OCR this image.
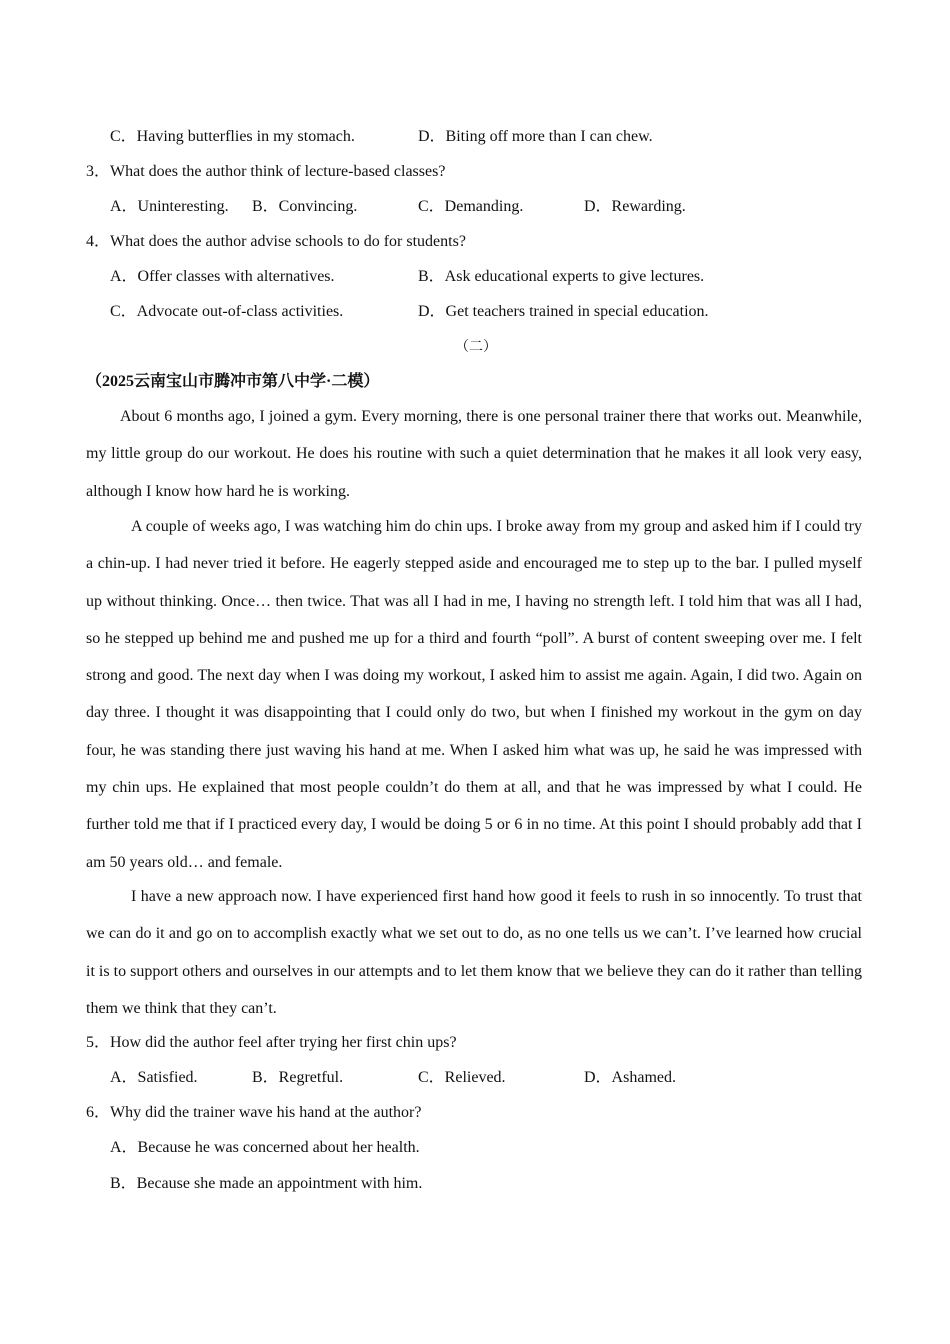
C．Having butterflies in my stomach.	D．Biting off more than I can chew.
3．What does the author think of lecture-based classes?
A．Uninteresting. B．Convincing.	C．Demanding.	D．Rewarding.
4．What does the author advise schools to do for students?
A．Offer classes with alternatives.	B．Ask educational experts to give lectures.
C．Advocate out-of-class activities.	D．Get teachers trained in special education.
（二）
（2025云南宝山市腾冲市第八中学·二模）

About 6 months ago, I joined a gym. Every morning, there is one personal trainer there that works out. Meanwhile, my little group do our workout. He does his routine with such a quiet determination that he makes it all look very easy, although I know how hard he is working.

A couple of weeks ago, I was watching him do chin ups. I broke away from my group and asked him if I could try a chin-up. I had never tried it before. He eagerly stepped aside and encouraged me to step up to the bar. I pulled myself up without thinking. Once… then twice. That was all I had in me, I having no strength left. I told him that was all I had, so he stepped up behind me and pushed me up for a third and fourth “poll”. A burst of content sweeping over me. I felt strong and good. The next day when I was doing my workout, I asked him to assist me again. Again, I did two. Again on day three. I thought it was disappointing that I could only do two, but when I finished my workout in the gym on day four, he was standing there just waving his hand at me. When I asked him what was up, he said he was impressed with my chin ups. He explained that most people couldn’t do them at all, and that he was impressed by what I could. He further told me that if I practiced every day, I would be doing 5 or 6 in no time. At this point I should probably add that I am 50 years old… and female.

I have a new approach now. I have experienced first hand how good it feels to rush in so innocently. To trust that we can do it and go on to accomplish exactly what we set out to do, as no one tells us we can’t. I’ve learned how crucial it is to support others and ourselves in our attempts and to let them know that we believe they can do it rather than telling them we think that they can’t.

5．How did the author feel after trying her first chin ups?
A．Satisfied.	B．Regretful.	C．Relieved.	D．Ashamed.
6．Why did the trainer wave his hand at the author?
A．Because he was concerned about her health.
B．Because she made an appointment with him.
